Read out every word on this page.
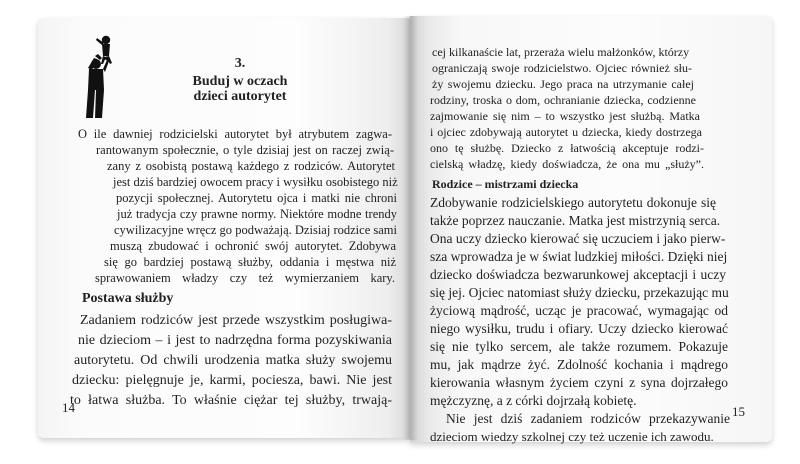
3.
Buduj w oczach
dzieci autorytet
O ile dawniej rodzicielski autorytet był atrybutem zagwa-
rantowanym społecznie, o tyle dzisiaj jest on raczej zwią-
zany z osobistą postawą każdego z rodziców. Autorytet
jest dziś bardziej owocem pracy i wysiłku osobistego niż
pozycji społecznej. Autorytetu ojca i matki nie chroni
już tradycja czy prawne normy. Niektóre modne trendy
cywilizacyjne wręcz go podważają. Dzisiaj rodzice sami
muszą zbudować i ochronić swój autorytet. Zdobywa
się go bardziej postawą służby, oddania i męstwa niż
sprawowaniem władzy czy też wymierzaniem kary.
Postawa służby
Zadaniem rodziców jest przede wszystkim posługiwa-
nie dzieciom – i jest to nadrzędna forma pozyskiwania
autorytetu. Od chwili urodzenia matka służy swojemu
dziecku: pielęgnuje je, karmi, pociesza, bawi. Nie jest
to łatwa służba. To właśnie ciężar tej służby, trwają-
14
cej kilkanaście lat, przeraża wielu małżonków, którzy
ograniczają swoje rodzicielstwo. Ojciec również słu-
ży swojemu dziecku. Jego praca na utrzymanie całej
rodziny, troska o dom, ochranianie dziecka, codzienne
zajmowanie się nim – to wszystko jest służbą. Matka
i ojciec zdobywają autorytet u dziecka, kiedy dostrzega
ono tę służbę. Dziecko z łatwością akceptuje rodzi-
cielską władzę, kiedy doświadcza, że ona mu „służy”.
Rodzice – mistrzami dziecka
Zdobywanie rodzicielskiego autorytetu dokonuje się
także poprzez nauczanie. Matka jest mistrzynią serca.
Ona uczy dziecko kierować się uczuciem i jako pierw-
sza wprowadza je w świat ludzkiej miłości. Dzięki niej
dziecko doświadcza bezwarunkowej akceptacji i uczy
się jej. Ojciec natomiast służy dziecku, przekazując mu
życiową mądrość, ucząc je pracować, wymagając od
niego wysiłku, trudu i ofiary. Uczy dziecko kierować
się nie tylko sercem, ale także rozumem. Pokazuje
mu, jak mądrze żyć. Zdolność kochania i mądrego
kierowania własnym życiem czyni z syna dojrzałego
mężczyznę, a z córki dojrzałą kobietę.
Nie jest dziś zadaniem rodziców przekazywanie
dzieciom wiedzy szkolnej czy też uczenie ich zawodu.
15
